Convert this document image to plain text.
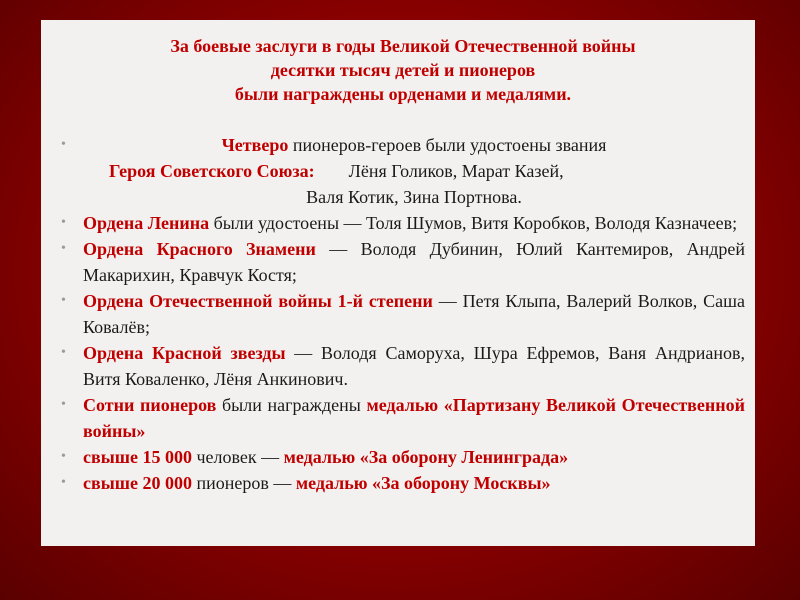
За боевые заслуги в годы Великой Отечественной войны
десятки тысяч детей и пионеров
были награждены орденами и медалями.
•	Четверо пионеров-героев были удостоены звания
Героя Советского Союза: Лёня Голиков, Марат Казей,
Валя Котик, Зина Портнова.
• Ордена Ленина были удостоены — Толя Шумов, Витя Коробков, Володя Казначеев;
• Ордена Красного Знамени — Володя Дубинин, Юлий Кантемиров, Андрей Макарихин, Кравчук Костя;
• Ордена Отечественной войны 1-й степени — Петя Клыпа, Валерий Волков, Саша Ковалёв;
• Ордена Красной звезды — Володя Саморуха, Шура Ефремов, Ваня Андрианов, Витя Коваленко, Лёня Анкинович.
• Сотни пионеров были награждены медалью «Партизану Великой Отечественной войны»
• свыше 15 000 человек — медалью «За оборону Ленинграда»
• свыше 20 000 пионеров — медалью «За оборону Москвы»
